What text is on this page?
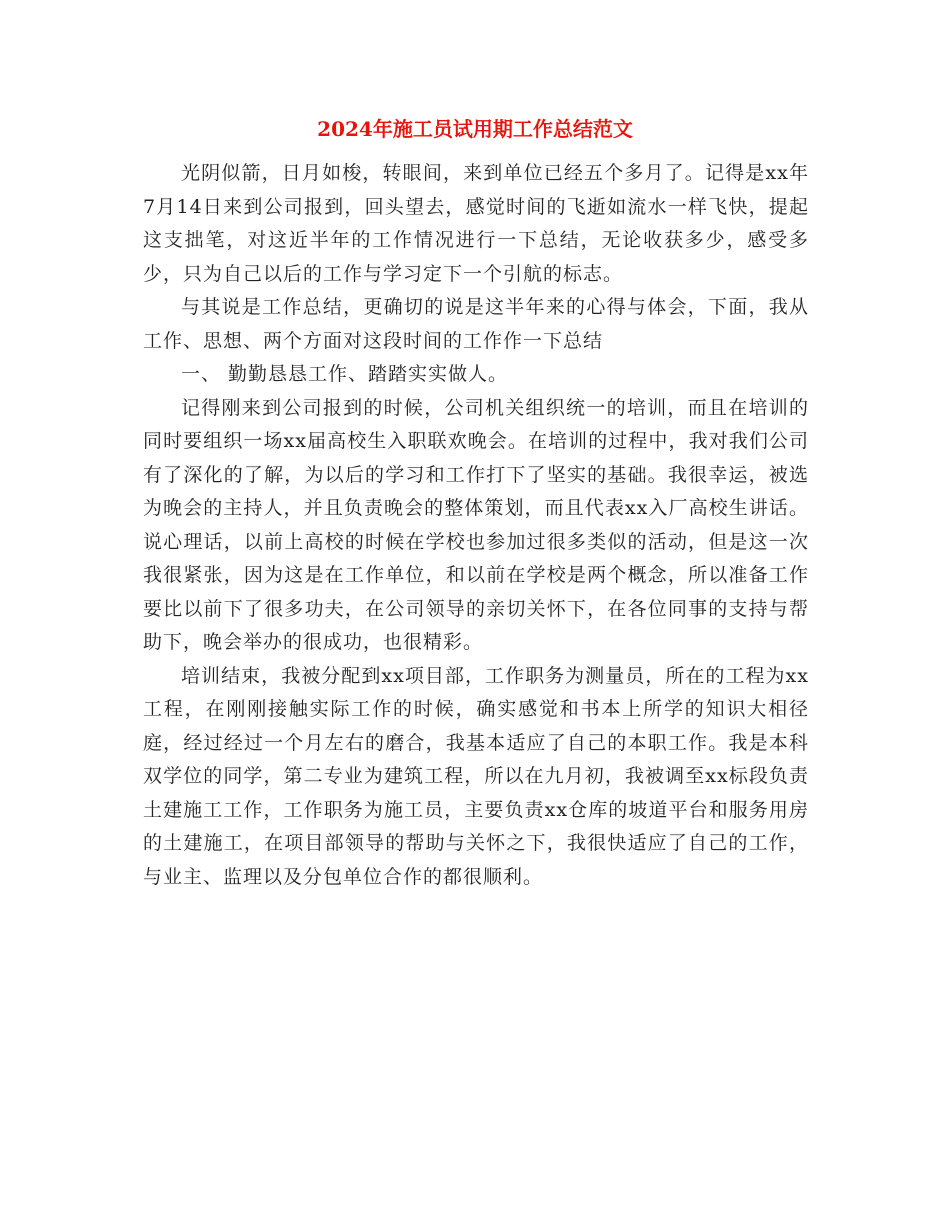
2024年施工员试用期工作总结范文

光阴似箭，日月如梭，转眼间，来到单位已经五个多月了。记得是xx年7月14日来到公司报到，回头望去，感觉时间的飞逝如流水一样飞快，提起这支拙笔，对这近半年的工作情况进行一下总结，无论收获多少，感受多少，只为自己以后的工作与学习定下一个引航的标志。

与其说是工作总结，更确切的说是这半年来的心得与体会，下面，我从工作、思想、两个方面对这段时间的工作作一下总结

一、 勤勤恳恳工作、踏踏实实做人。

记得刚来到公司报到的时候，公司机关组织统一的培训，而且在培训的同时要组织一场xx届高校生入职联欢晚会。在培训的过程中，我对我们公司有了深化的了解，为以后的学习和工作打下了坚实的基础。我很幸运，被选为晚会的主持人，并且负责晚会的整体策划，而且代表xx入厂高校生讲话。说心理话，以前上高校的时候在学校也参加过很多类似的活动，但是这一次我很紧张，因为这是在工作单位，和以前在学校是两个概念，所以准备工作要比以前下了很多功夫，在公司领导的亲切关怀下，在各位同事的支持与帮助下，晚会举办的很成功，也很精彩。

培训结束，我被分配到xx项目部，工作职务为测量员，所在的工程为xx工程，在刚刚接触实际工作的时候，确实感觉和书本上所学的知识大相径庭，经过经过一个月左右的磨合，我基本适应了自己的本职工作。我是本科双学位的同学，第二专业为建筑工程，所以在九月初，我被调至xx标段负责土建施工工作，工作职务为施工员，主要负责xx仓库的坡道平台和服务用房的土建施工，在项目部领导的帮助与关怀之下，我很快适应了自己的工作，与业主、监理以及分包单位合作的都很顺利。
